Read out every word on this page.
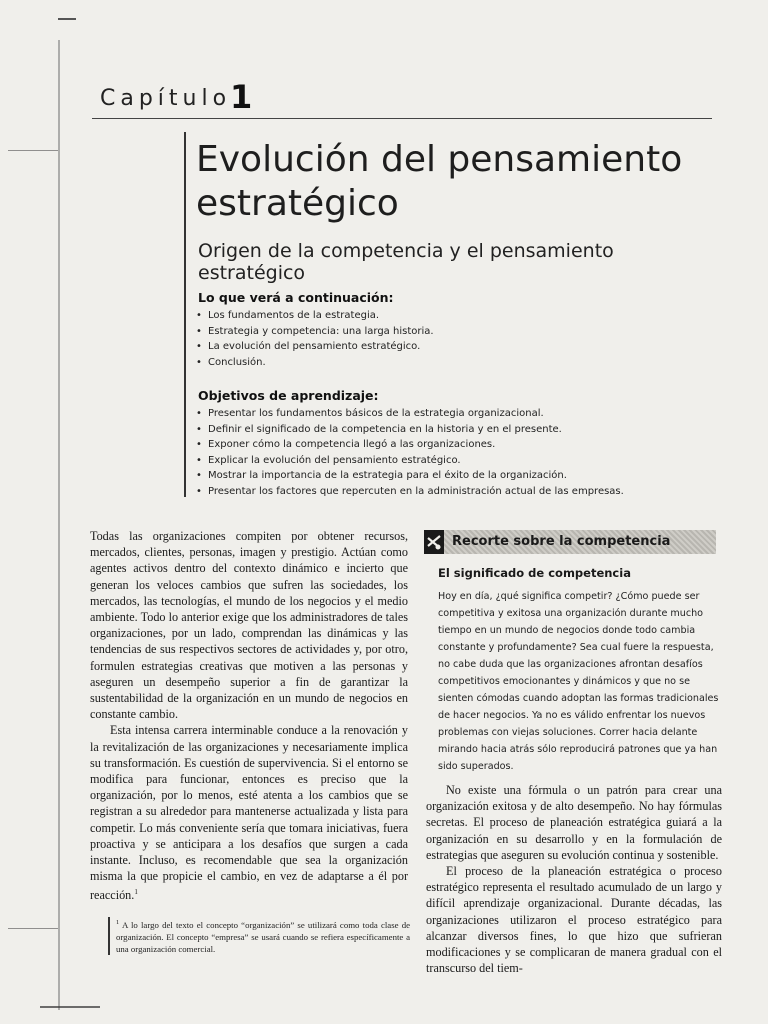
Capítulo
1
Evolución del pensamiento estratégico
Origen de la competencia y el pensamiento estratégico
Lo que verá a continuación:
• Los fundamentos de la estrategia.
• Estrategia y competencia: una larga historia.
• La evolución del pensamiento estratégico.
• Conclusión.
Objetivos de aprendizaje:
• Presentar los fundamentos básicos de la estrategia organizacional.
• Definir el significado de la competencia en la historia y en el presente.
• Exponer cómo la competencia llegó a las organizaciones.
• Explicar la evolución del pensamiento estratégico.
• Mostrar la importancia de la estrategia para el éxito de la organización.
• Presentar los factores que repercuten en la administración actual de las empresas.

Todas las organizaciones compiten por obtener recursos, mercados, clientes, personas, imagen y prestigio. Actúan como agentes activos dentro del contexto dinámico e incierto que generan los veloces cambios que sufren las sociedades, los mercados, las tecnologías, el mundo de los negocios y el medio ambiente. Todo lo anterior exige que los administradores de tales organizaciones, por un lado, comprendan las dinámicas y las tendencias de sus respectivos sectores de actividades y, por otro, formulen estrategias creativas que motiven a las personas y aseguren un desempeño superior a fin de garantizar la sustentabilidad de la organización en un mundo de negocios en constante cambio.

Esta intensa carrera interminable conduce a la renovación y la revitalización de las organizaciones y necesariamente implica su transformación. Es cuestión de supervivencia. Si el entorno se modifica para funcionar, entonces es preciso que la organización, por lo menos, esté atenta a los cambios que se registran a su alrededor para mantenerse actualizada y lista para competir. Lo más conveniente sería que tomara iniciativas, fuera proactiva y se anticipara a los desafíos que surgen a cada instante. Incluso, es recomendable que sea la organización misma la que propicie el cambio, en vez de adaptarse a él por reacción.$^1$

$^1$ A lo largo del texto el concepto “organización” se utilizará como toda clase de organización. El concepto “empresa” se usará cuando se refiera específicamente a una organización comercial.
Recorte sobre la competencia
El significado de competencia
Hoy en día, ¿qué significa competir? ¿Cómo puede ser competitiva y exitosa una organización durante mucho tiempo en un mundo de negocios donde todo cambia constante y profundamente? Sea cual fuere la respuesta, no cabe duda que las organizaciones afrontan desafíos competitivos emocionantes y dinámicos y que no se sienten cómodas cuando adoptan las formas tradicionales de hacer negocios. Ya no es válido enfrentar los nuevos problemas con viejas soluciones. Correr hacia delante mirando hacia atrás sólo reproducirá patrones que ya han sido superados.

No existe una fórmula o un patrón para crear una organización exitosa y de alto desempeño. No hay fórmulas secretas. El proceso de planeación estratégica guiará a la organización en su desarrollo y en la formulación de estrategias que aseguren su evolución continua y sostenible.

El proceso de la planeación estratégica o proceso estratégico representa el resultado acumulado de un largo y difícil aprendizaje organizacional. Durante décadas, las organizaciones utilizaron el proceso estratégico para alcanzar diversos fines, lo que hizo que sufrieran modificaciones y se complicaran de manera gradual con el transcurso del tiem-
